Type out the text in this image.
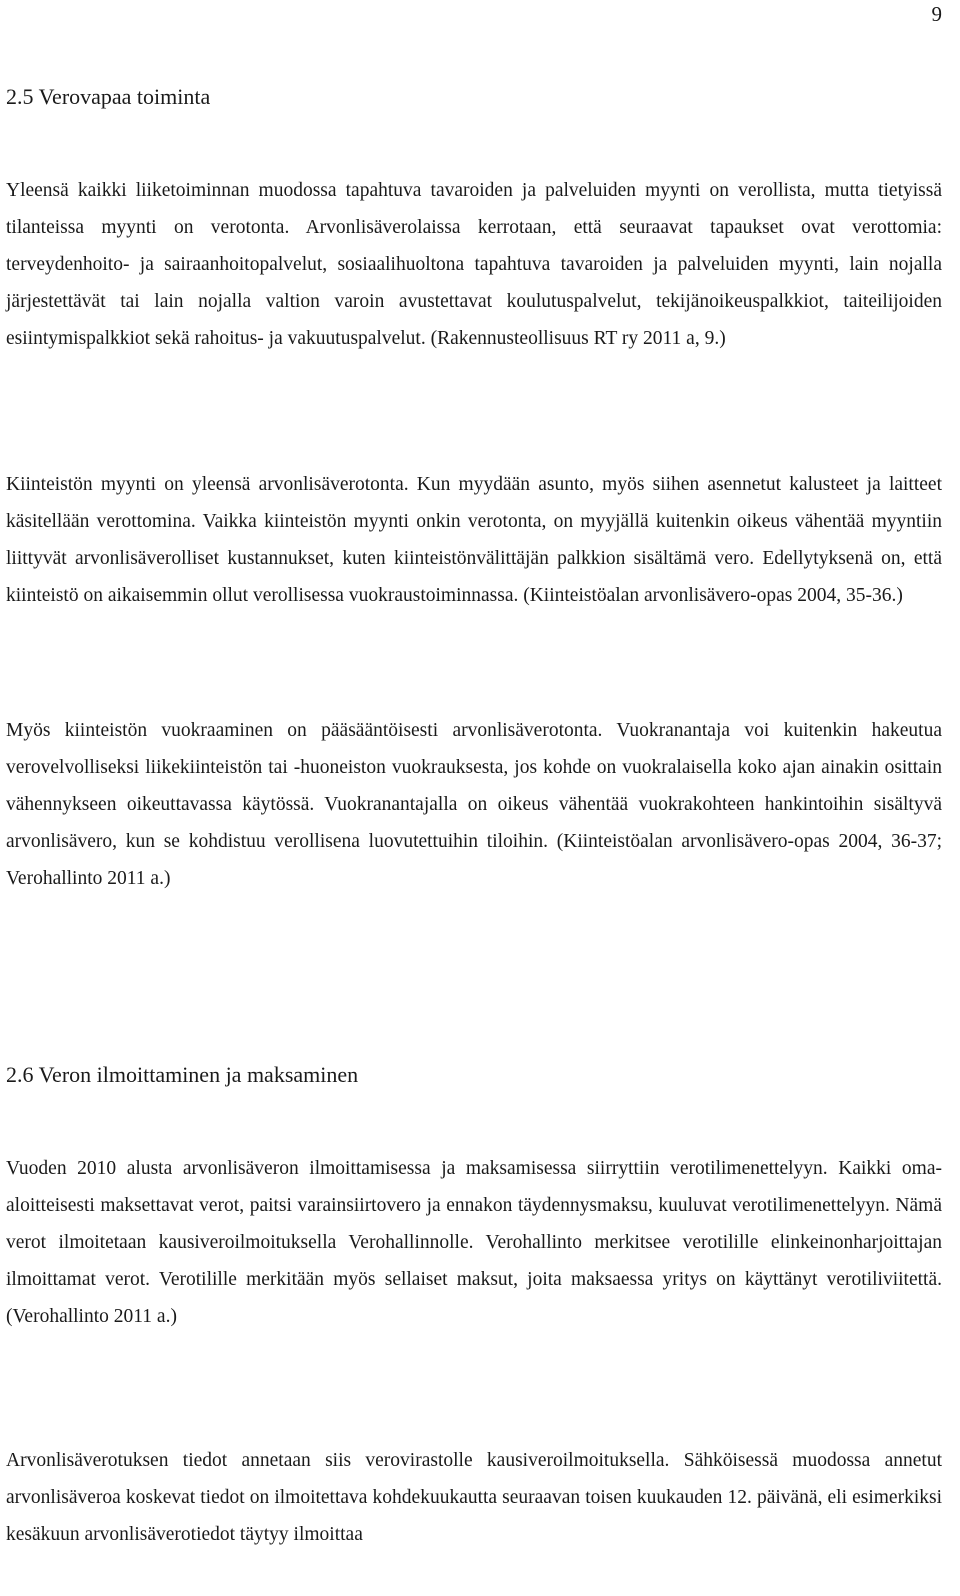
9
2.5 Verovapaa toiminta

Yleensä kaikki liiketoiminnan muodossa tapahtuva tavaroiden ja palveluiden myynti on verollista, mutta tietyissä tilanteissa myynti on verotonta. Arvonlisäverolaissa kerrotaan, että seuraavat tapaukset ovat verottomia: terveydenhoito- ja sairaanhoitopalvelut, sosiaalihuoltona tapahtuva tavaroiden ja palveluiden myynti, lain nojalla järjestettävät tai lain nojalla valtion varoin avustettavat koulutuspalvelut, tekijänoikeuspalkkiot, taiteilijoiden esiintymispalkkiot sekä rahoitus- ja vakuutuspalvelut. (Rakennusteollisuus RT ry 2011 a, 9.)

Kiinteistön myynti on yleensä arvonlisäverotonta. Kun myydään asunto, myös siihen asennetut kalusteet ja laitteet käsitellään verottomina. Vaikka kiinteistön myynti onkin verotonta, on myyjällä kuitenkin oikeus vähentää myyntiin liittyvät arvonlisäverolliset kustannukset, kuten kiinteistönvälittäjän palkkion sisältämä vero. Edellytyksenä on, että kiinteistö on aikaisemmin ollut verollisessa vuokraustoiminnassa. (Kiinteistöalan arvonlisävero-opas 2004, 35-36.)

Myös kiinteistön vuokraaminen on pääsääntöisesti arvonlisäverotonta. Vuokranantaja voi kuitenkin hakeutua verovelvolliseksi liikekiinteistön tai -huoneiston vuokrauksesta, jos kohde on vuokralaisella koko ajan ainakin osittain vähennykseen oikeuttavassa käytössä. Vuokranantajalla on oikeus vähentää vuokrakohteen hankintoihin sisältyvä arvonlisävero, kun se kohdistuu verollisena luovutettuihin tiloihin. (Kiinteistöalan arvonlisävero-opas 2004, 36-37; Verohallinto 2011 a.)

2.6 Veron ilmoittaminen ja maksaminen

Vuoden 2010 alusta arvonlisäveron ilmoittamisessa ja maksamisessa siirryttiin verotilimenettelyyn. Kaikki oma-aloitteisesti maksettavat verot, paitsi varainsiirtovero ja ennakon täydennysmaksu, kuuluvat verotilimenettelyyn. Nämä verot ilmoitetaan kausiveroilmoituksella Verohallinnolle. Verohallinto merkitsee verotilille elinkeinonharjoittajan ilmoittamat verot. Verotilille merkitään myös sellaiset maksut, joita maksaessa yritys on käyttänyt verotiliviitettä. (Verohallinto 2011 a.)

Arvonlisäverotuksen tiedot annetaan siis verovirastolle kausiveroilmoituksella. Sähköisessä muodossa annetut arvonlisäveroa koskevat tiedot on ilmoitettava kohdekuukautta seuraavan toisen kuukauden 12. päivänä, eli esimerkiksi kesäkuun arvonlisäverotiedot täytyy ilmoittaa
